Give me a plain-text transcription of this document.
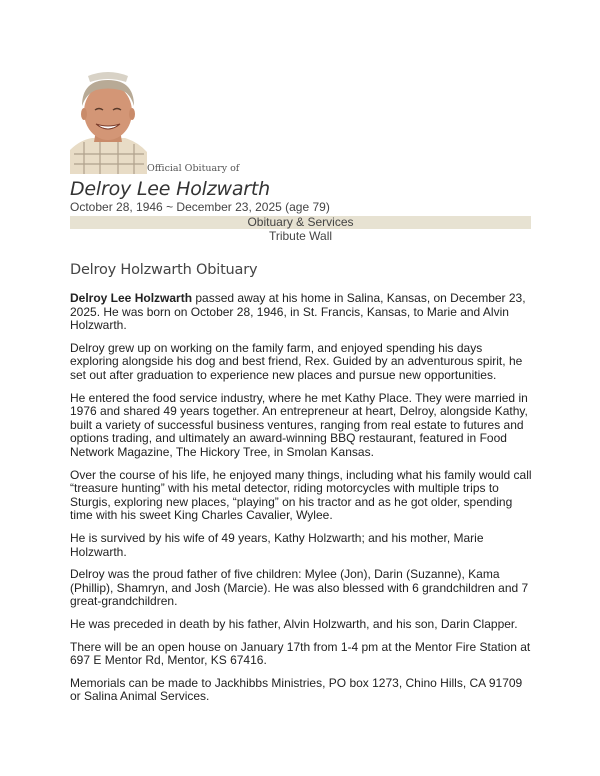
Official Obituary of
Delroy Lee Holzwarth
October 28, 1946 ~ December 23, 2025 (age 79)
Obituary & Services
Tribute Wall
Delroy Holzwarth Obituary

Delroy Lee Holzwarth passed away at his home in Salina, Kansas, on December 23, 2025. He was born on October 28, 1946, in St. Francis, Kansas, to Marie and Alvin Holzwarth.

Delroy grew up on working on the family farm, and enjoyed spending his days exploring alongside his dog and best friend, Rex. Guided by an adventurous spirit, he set out after graduation to experience new places and pursue new opportunities.

He entered the food service industry, where he met Kathy Place. They were married in 1976 and shared 49 years together. An entrepreneur at heart, Delroy, alongside Kathy, built a variety of successful business ventures, ranging from real estate to futures and options trading, and ultimately an award-winning BBQ restaurant, featured in Food Network Magazine, The Hickory Tree, in Smolan Kansas.

Over the course of his life, he enjoyed many things, including what his family would call “treasure hunting” with his metal detector, riding motorcycles with multiple trips to Sturgis, exploring new places, “playing” on his tractor and as he got older, spending time with his sweet King Charles Cavalier, Wylee.

He is survived by his wife of 49 years, Kathy Holzwarth; and his mother, Marie Holzwarth.

Delroy was the proud father of five children: Mylee (Jon), Darin (Suzanne), Kama (Phillip), Shamryn, and Josh (Marcie). He was also blessed with 6 grandchildren and 7 great-grandchildren.

He was preceded in death by his father, Alvin Holzwarth, and his son, Darin Clapper.

There will be an open house on January 17th from 1-4 pm at the Mentor Fire Station at 697 E Mentor Rd, Mentor, KS 67416.

Memorials can be made to Jackhibbs Ministries, PO box 1273, Chino Hills, CA 91709 or Salina Animal Services.
